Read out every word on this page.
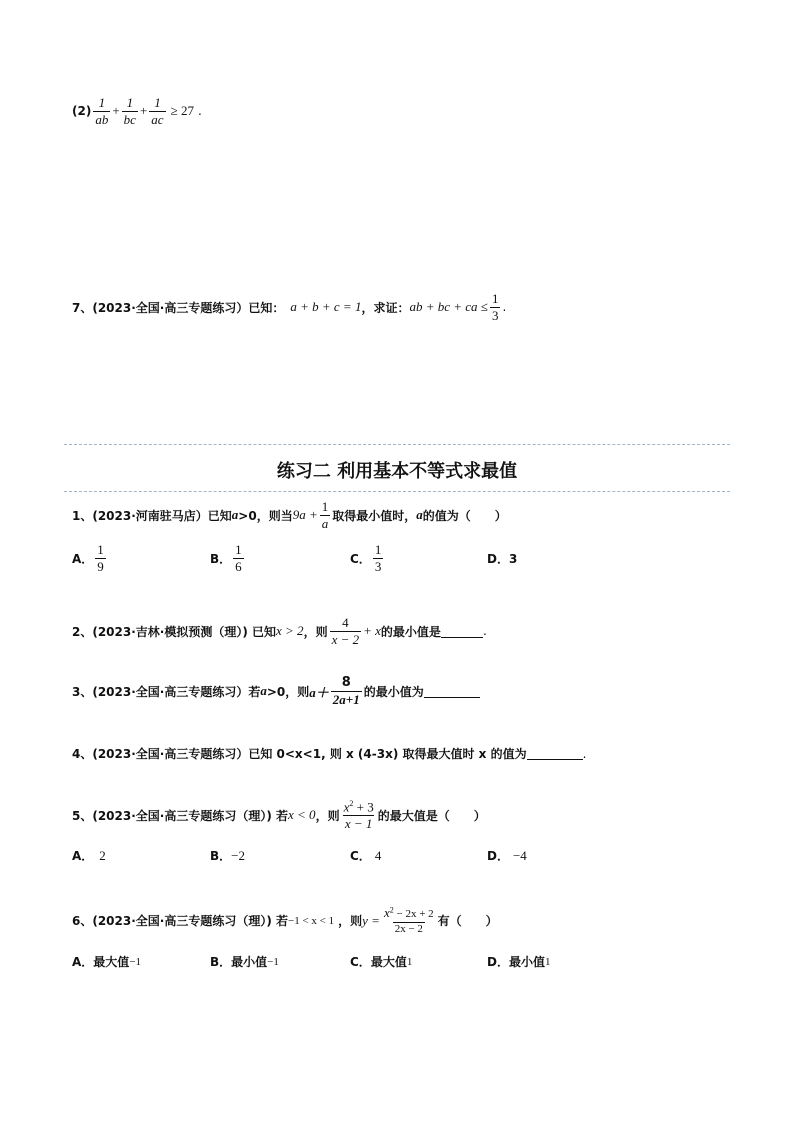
$(2) \frac{1}{ab} + \frac{1}{bc} + \frac{1}{ac} \ge 27$ .
7、(2023·全国·高三专题练习）已知： a + b + c = 1 ，求证： ab + bc + ca ≤ $\frac{1}{3}$ .
练习二 利用基本不等式求最值
1、(2023·河南驻马店）已知 a >0，则当 $9a + \frac{1}{a}$ 取得最小值时， a 的值为（　　）
A． $\frac{1}{9}$	B． $\frac{1}{6}$	C． $\frac{1}{3}$	D． 3
2、(2023·吉林·模拟预测（理）) 已知 x > 2 ，则 $\frac{4}{x - 2} + x$ 的最小值是	.
3、(2023·全国·高三专题练习）若 a >0，则 $a+ \frac{8}{2a+1}$ 的最小值为
4、(2023·全国·高三专题练习）已知 0<x<1, 则 x (4-3x) 取得最大值时 x 的值为	.
5、(2023·全国·高三专题练习（理）) 若 x < 0 ，则 $\frac{x^2 + 3}{x - 1}$ 的最大值是（　　）
A． 2	B． −2	C． 4	D． −4
6、(2023·全国·高三专题练习（理）) 若 −1 < x < 1 ，则 $y = \frac{x^2 - 2x + 2}{2x - 2}$ 有（　　）
A． 最大值 −1	B． 最小值 −1	C． 最大值 1	D． 最小值 1
